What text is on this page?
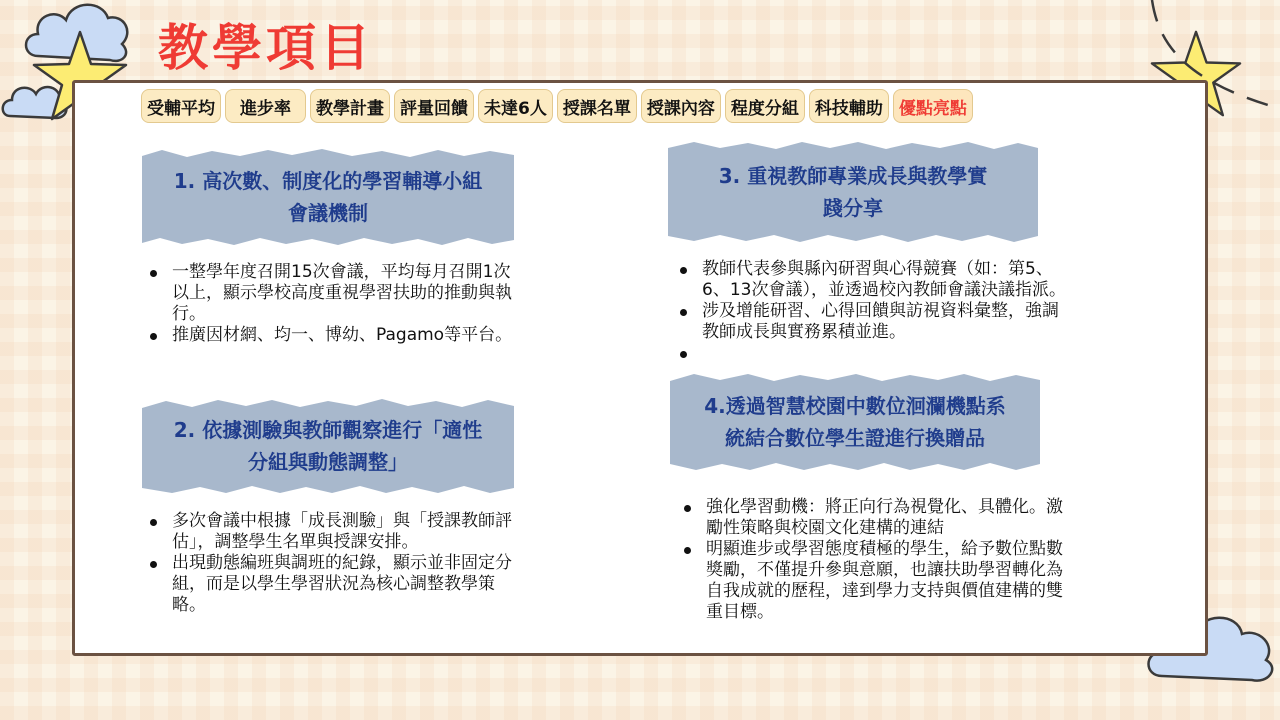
教學項目
受輔平均	進步率	教學計畫 評量回饋 未達6人 授課名單 授課內容 程度分組 科技輔助 優點亮點
1. 高次數、制度化的學習輔導小組
會議機制
2. 依據測驗與教師觀察進行「適性
分組與動態調整」
3. 重視教師專業成長與教學實
踐分享
4.透過智慧校園中數位洄瀾機點系
統結合數位學生證進行換贈品
一整學年度召開15次會議，平均每月召開1次以上，顯示學校高度重視學習扶助的推動與執行。
推廣因材網、均一、博幼、Pagamo等平台。
多次會議中根據「成長測驗」與「授課教師評估」，調整學生名單與授課安排。
出現動態編班與調班的紀錄，顯示並非固定分組，而是以學生學習狀況為核心調整教學策略。
教師代表參與縣內研習與心得競賽（如：第5、6、13次會議），並透過校內教師會議決議指派。
涉及增能研習、心得回饋與訪視資料彙整，強調教師成長與實務累積並進。
強化學習動機：將正向行為視覺化、具體化。激勵性策略與校園文化建構的連結
明顯進步或學習態度積極的學生，給予數位點數獎勵，不僅提升參與意願，也讓扶助學習轉化為自我成就的歷程，達到學力支持與價值建構的雙重目標。
